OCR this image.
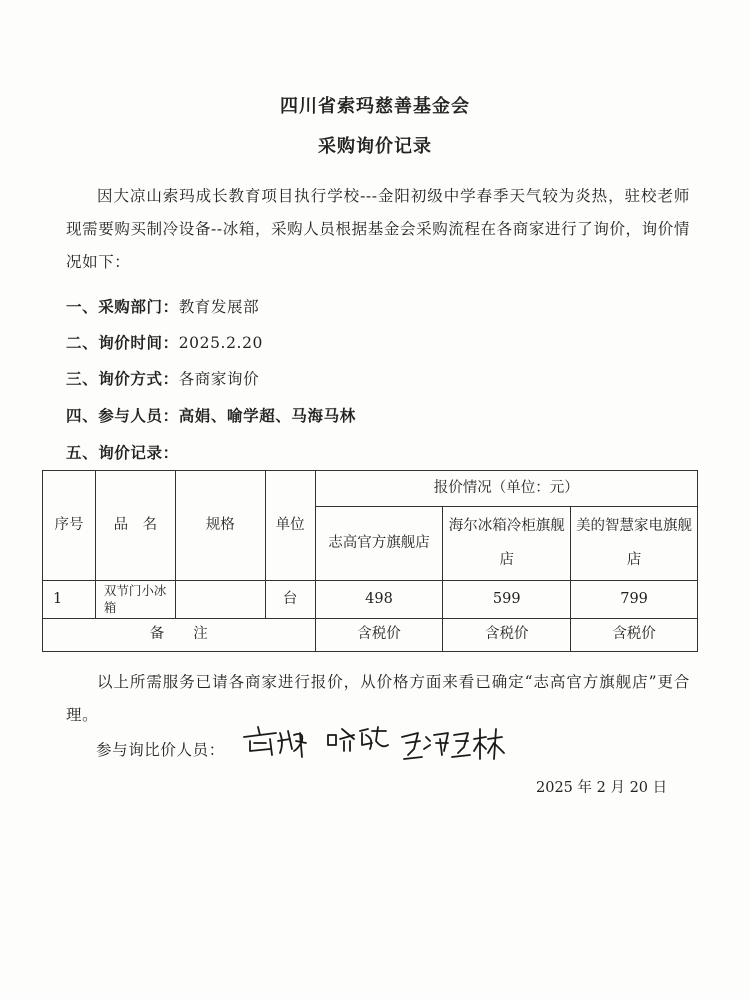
四川省索玛慈善基金会
采购询价记录
因大凉山索玛成长教育项目执行学校---金阳初级中学春季天气较为炎热，驻校老师现需要购买制冷设备--冰箱，采购人员根据基金会采购流程在各商家进行了询价，询价情况如下：
一、采购部门：教育发展部
二、询价时间：2025.2.20
三、询价方式：各商家询价
四、参与人员：高娟、喻学超、马海马林
五、询价记录：
序号	品　名	规格	单位	报价情况（单位：元）		
				志高官方旗舰店	海尔冰箱冷柜旗舰店	美的智慧家电旗舰店
1	双节门小冰箱		台	498	599	799
备　　注				含税价	含税价	含税价
以上所需服务已请各商家进行报价，从价格方面来看已确定“志高官方旗舰店”更合理。
参与询比价人员：
2025 年 2 月 20 日
